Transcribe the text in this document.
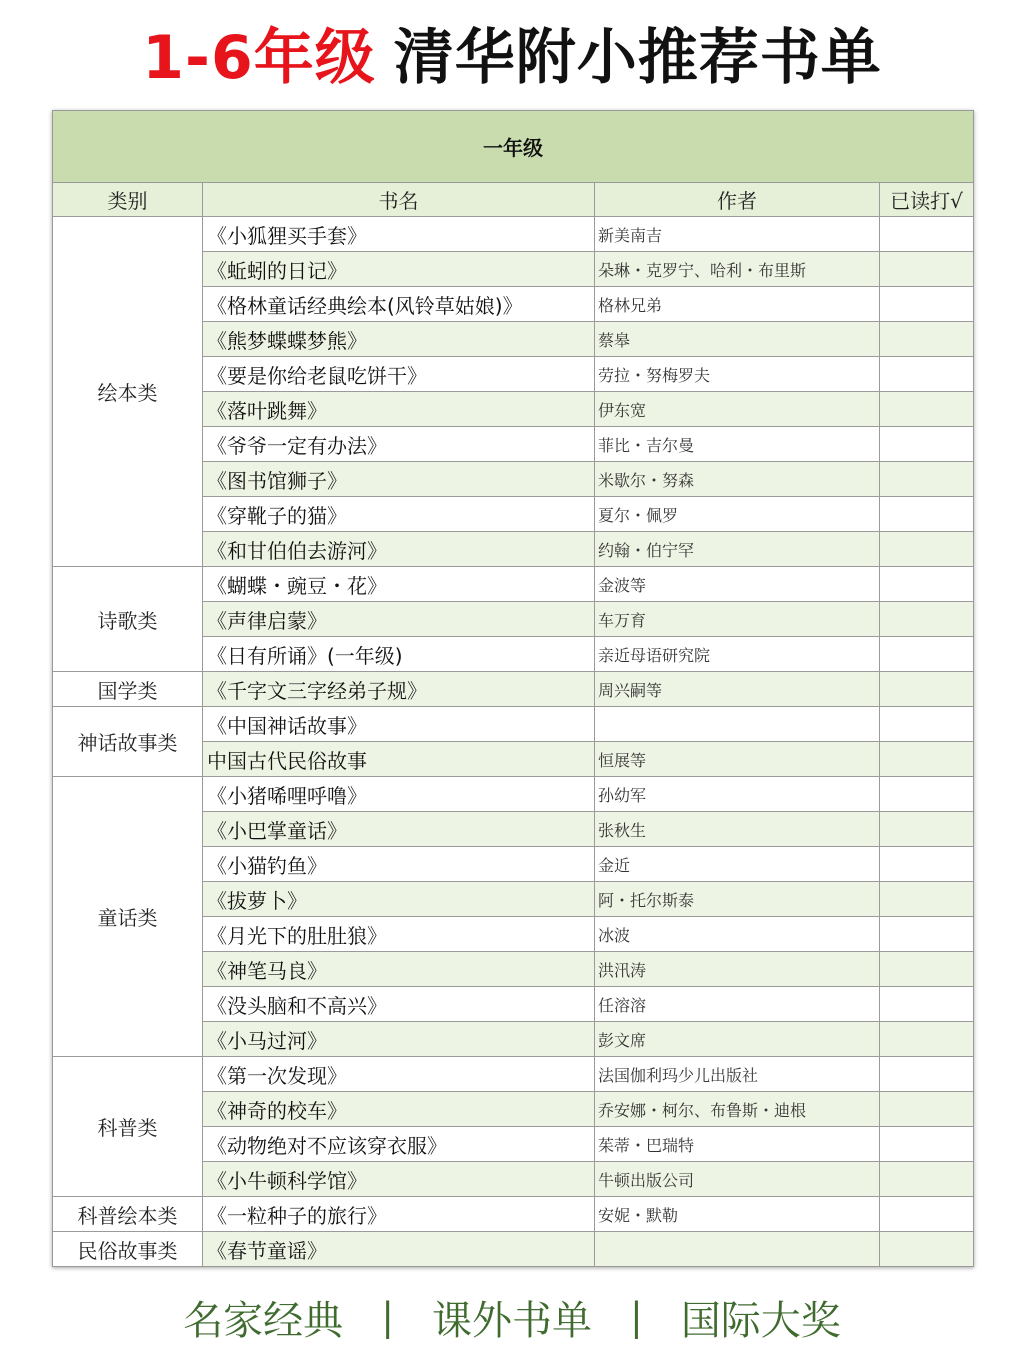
1-6年级 清华附小推荐书单
一年级			
类别	书名	作者	已读打√
绘本类	《小狐狸买手套》	新美南吉	
	《蚯蚓的日记》	朵琳・克罗宁、哈利・布里斯	
	《格林童话经典绘本(风铃草姑娘)》	格林兄弟	
	《熊梦蝶蝶梦熊》	蔡皋	
	《要是你给老鼠吃饼干》	劳拉・努梅罗夫	
	《落叶跳舞》	伊东宽	
	《爷爷一定有办法》	菲比・吉尔曼	
	《图书馆狮子》	米歇尔・努森	
	《穿靴子的猫》	夏尔・佩罗	
	《和甘伯伯去游河》	约翰・伯宁罕	
诗歌类	《蝴蝶・豌豆・花》	金波等	
	《声律启蒙》	车万育	
	《日有所诵》(一年级)	亲近母语研究院	
国学类	《千字文三字经弟子规》	周兴嗣等	
神话故事类	《中国神话故事》		
	中国古代民俗故事	恒展等	
童话类	《小猪唏哩呼噜》	孙幼军	
	《小巴掌童话》	张秋生	
	《小猫钓鱼》	金近	
	《拔萝卜》	阿・托尔斯泰	
	《月光下的肚肚狼》	冰波	
	《神笔马良》	洪汛涛	
	《没头脑和不高兴》	任溶溶	
	《小马过河》	彭文席	
科普类	《第一次发现》	法国伽利玛少儿出版社	
	《神奇的校车》	乔安娜・柯尔、布鲁斯・迪根	
	《动物绝对不应该穿衣服》	茱蒂・巴瑞特	
	《小牛顿科学馆》	牛顿出版公司	
科普绘本类	《一粒种子的旅行》	安妮・默勒	
民俗故事类	《春节童谣》		
名家经典 | 课外书单 | 国际大奖
